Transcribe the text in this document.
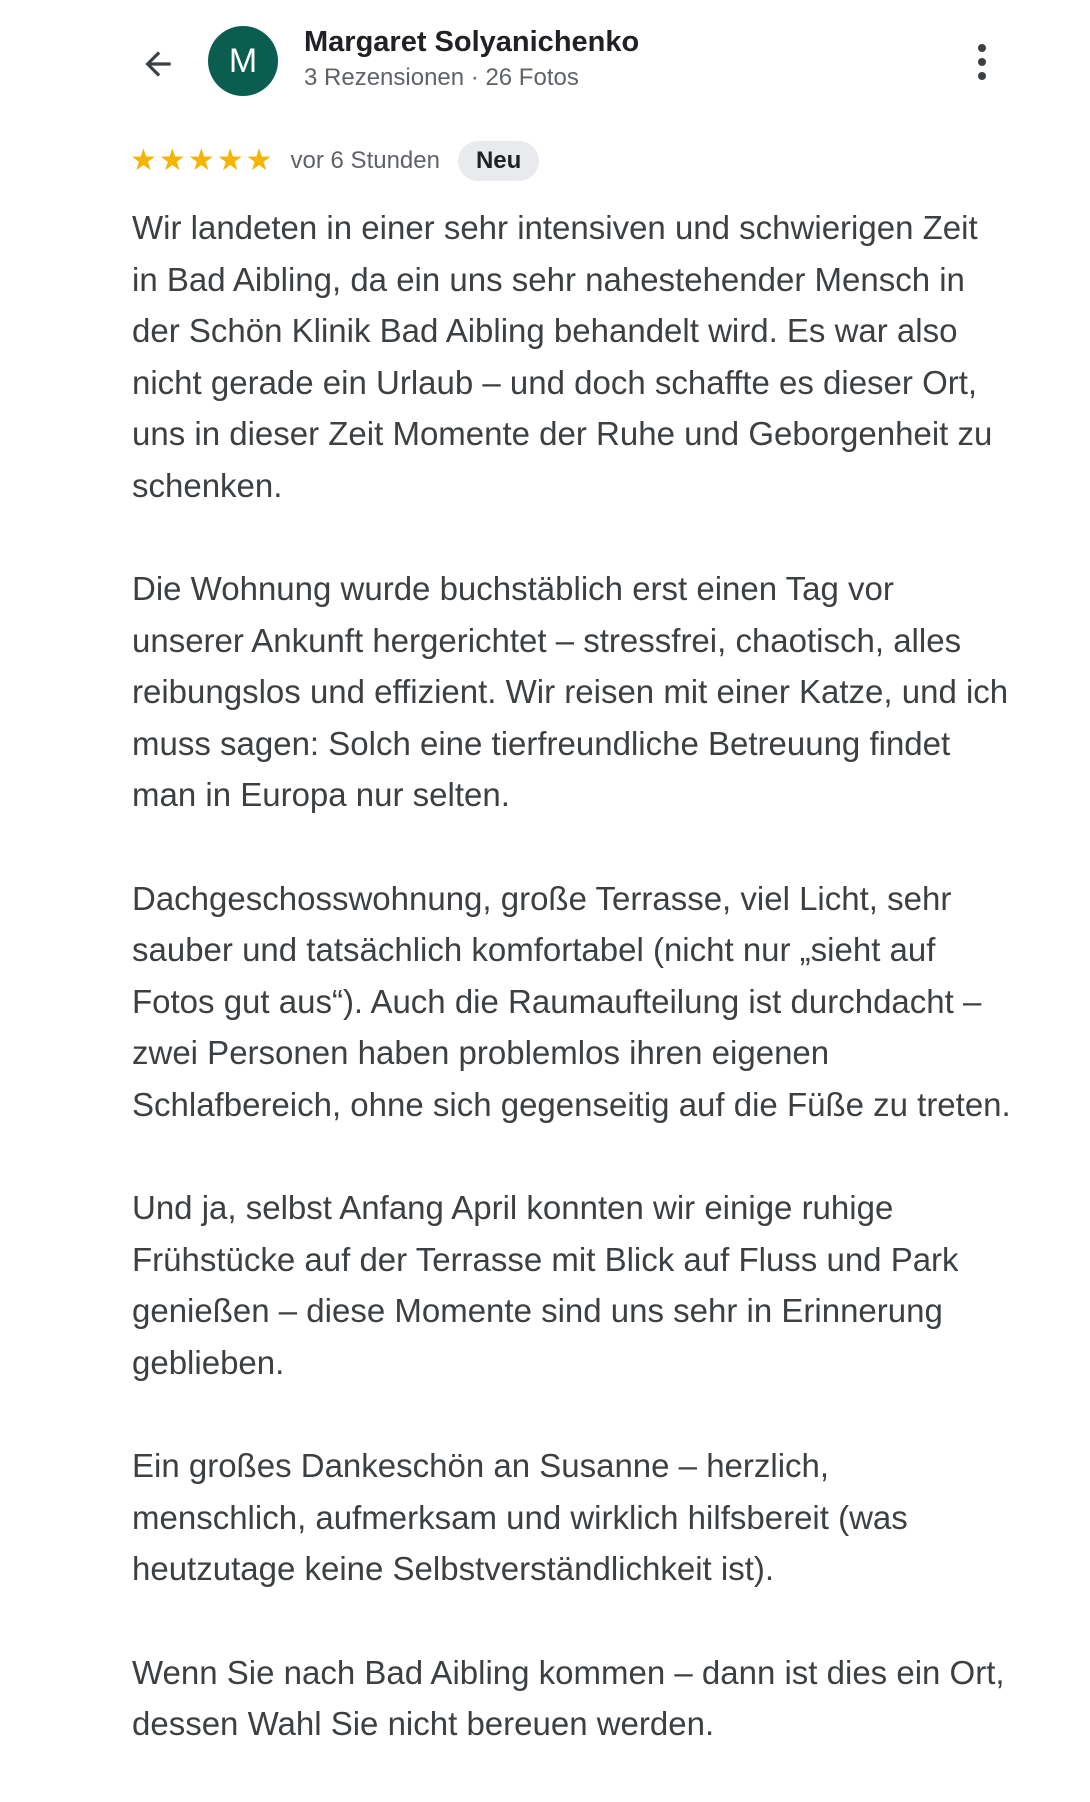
M Margaret Solyanichenko
3 Rezensionen · 26 Fotos
★ ★ ★ ★ ★ vor 6 Stunden	Neu

Wir landeten in einer sehr intensiven und schwierigen Zeit in Bad Aibling, da ein uns sehr nahestehender Mensch in der Schön Klinik Bad Aibling behandelt wird. Es war also nicht gerade ein Urlaub – und doch schaffte es dieser Ort, uns in dieser Zeit Momente der Ruhe und Geborgenheit zu schenken.

Die Wohnung wurde buchstäblich erst einen Tag vor unserer Ankunft hergerichtet – stressfrei, chaotisch, alles reibungslos und effizient. Wir reisen mit einer Katze, und ich muss sagen: Solch eine tierfreundliche Betreuung findet man in Europa nur selten.

Dachgeschosswohnung, große Terrasse, viel Licht, sehr sauber und tatsächlich komfortabel (nicht nur „sieht auf Fotos gut aus“). Auch die Raumaufteilung ist durchdacht – zwei Personen haben problemlos ihren eigenen Schlafbereich, ohne sich gegenseitig auf die Füße zu treten.

Und ja, selbst Anfang April konnten wir einige ruhige Frühstücke auf der Terrasse mit Blick auf Fluss und Park genießen – diese Momente sind uns sehr in Erinnerung geblieben.

Ein großes Dankeschön an Susanne – herzlich, menschlich, aufmerksam und wirklich hilfsbereit (was heutzutage keine Selbstverständlichkeit ist).

Wenn Sie nach Bad Aibling kommen – dann ist dies ein Ort, dessen Wahl Sie nicht bereuen werden.
